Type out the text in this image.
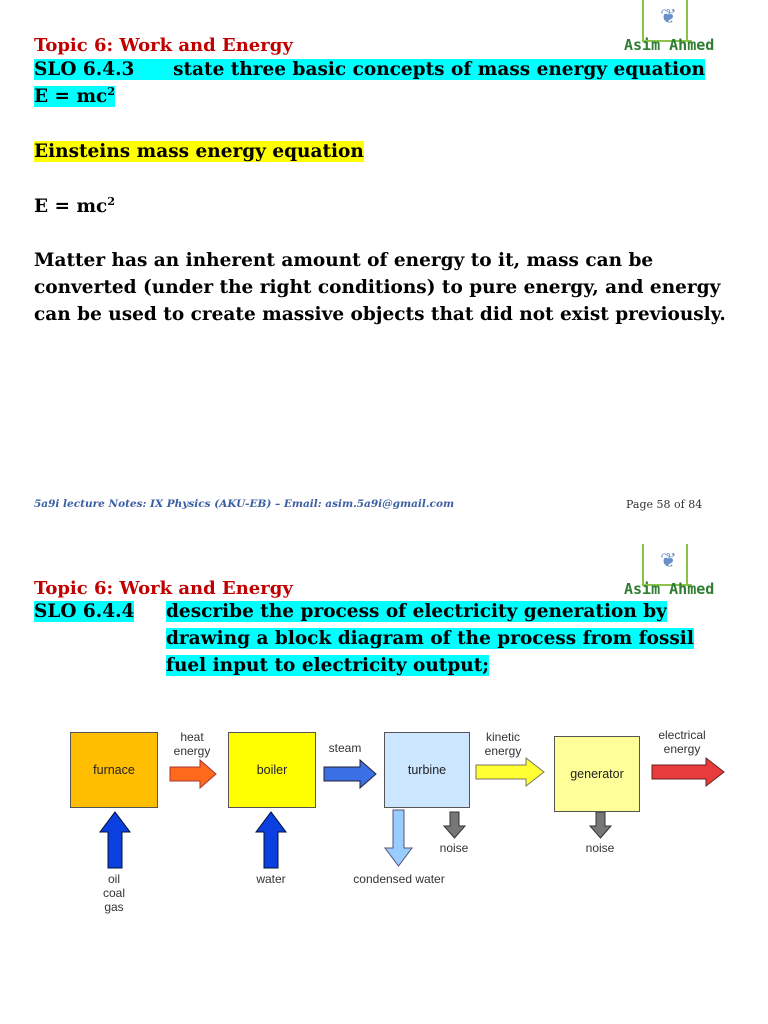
❦
Asim Ahmed
Topic 6: Work and Energy
SLO 6.4.3 state three basic concepts of mass energy equation
$E = mc^2$
Einsteins mass energy equation
$E = mc^2$
Matter has an inherent amount of energy to it, mass can be converted (under the right conditions) to pure energy, and energy can be used to create massive objects that did not exist previously.
5a9i lecture Notes: IX Physics (AKU-EB) – Email: asim.5a9i@gmail.com	Page 58 of 84
❦
Asim Ahmed
Topic 6: Work and Energy
SLO 6.4.4 describe the process of electricity generation by
drawing a block diagram of the process from fossil
fuel input to electricity output;
furnace	boiler	turbine	generator
heat
energy	steam
kinetic
energy
electrical
energy
oil
coal
gas
water	condensed water
noise	noise
